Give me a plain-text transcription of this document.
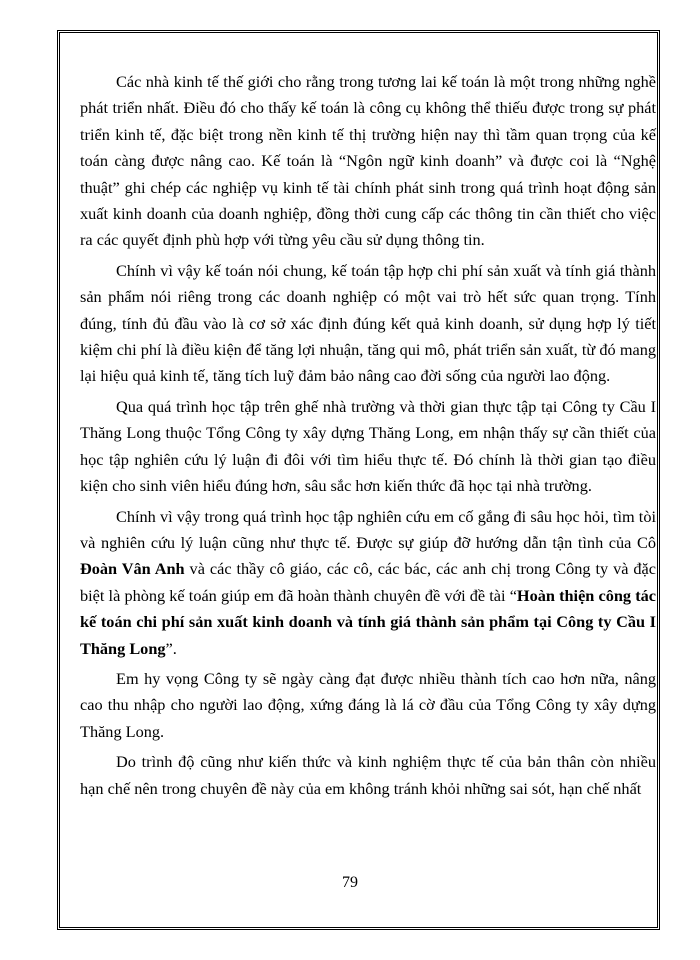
Các nhà kinh tế thế giới cho rằng trong tương lai kế toán là một trong những nghề phát triển nhất. Điều đó cho thấy kế toán là công cụ không thể thiếu được trong sự phát triển kinh tế, đặc biệt trong nền kinh tế thị trường hiện nay thì tầm quan trọng của kế toán càng được nâng cao. Kế toán là “Ngôn ngữ kinh doanh” và được coi là “Nghệ thuật” ghi chép các nghiệp vụ kinh tế tài chính phát sinh trong quá trình hoạt động sản xuất kinh doanh của doanh nghiệp, đồng thời cung cấp các thông tin cần thiết cho việc ra các quyết định phù hợp với từng yêu cầu sử dụng thông tin.

Chính vì vậy kế toán nói chung, kế toán tập hợp chi phí sản xuất và tính giá thành sản phẩm nói riêng trong các doanh nghiệp có một vai trò hết sức quan trọng. Tính đúng, tính đủ đầu vào là cơ sở xác định đúng kết quả kinh doanh, sử dụng hợp lý tiết kiệm chi phí là điều kiện để tăng lợi nhuận, tăng qui mô, phát triển sản xuất, từ đó mang lại hiệu quả kinh tế, tăng tích luỹ đảm bảo nâng cao đời sống của người lao động.

Qua quá trình học tập trên ghế nhà trường và thời gian thực tập tại Công ty Cầu I Thăng Long thuộc Tổng Công ty xây dựng Thăng Long, em nhận thấy sự cần thiết của học tập nghiên cứu lý luận đi đôi với tìm hiểu thực tế. Đó chính là thời gian tạo điều kiện cho sinh viên hiểu đúng hơn, sâu sắc hơn kiến thức đã học tại nhà trường.

Chính vì vậy trong quá trình học tập nghiên cứu em cố gắng đi sâu học hỏi, tìm tòi và nghiên cứu lý luận cũng như thực tế. Được sự giúp đỡ hướng dẫn tận tình của Cô Đoàn Vân Anh và các thầy cô giáo, các cô, các bác, các anh chị trong Công ty và đặc biệt là phòng kế toán giúp em đã hoàn thành chuyên đề với đề tài “Hoàn thiện công tác kế toán chi phí sản xuất kinh doanh và tính giá thành sản phẩm tại Công ty Cầu I Thăng Long”.

Em hy vọng Công ty sẽ ngày càng đạt được nhiều thành tích cao hơn nữa, nâng cao thu nhập cho người lao động, xứng đáng là lá cờ đầu của Tổng Công ty xây dựng Thăng Long.

Do trình độ cũng như kiến thức và kinh nghiệm thực tế của bản thân còn nhiều hạn chế nên trong chuyên đề này của em không tránh khỏi những sai sót, hạn chế nhất

79
